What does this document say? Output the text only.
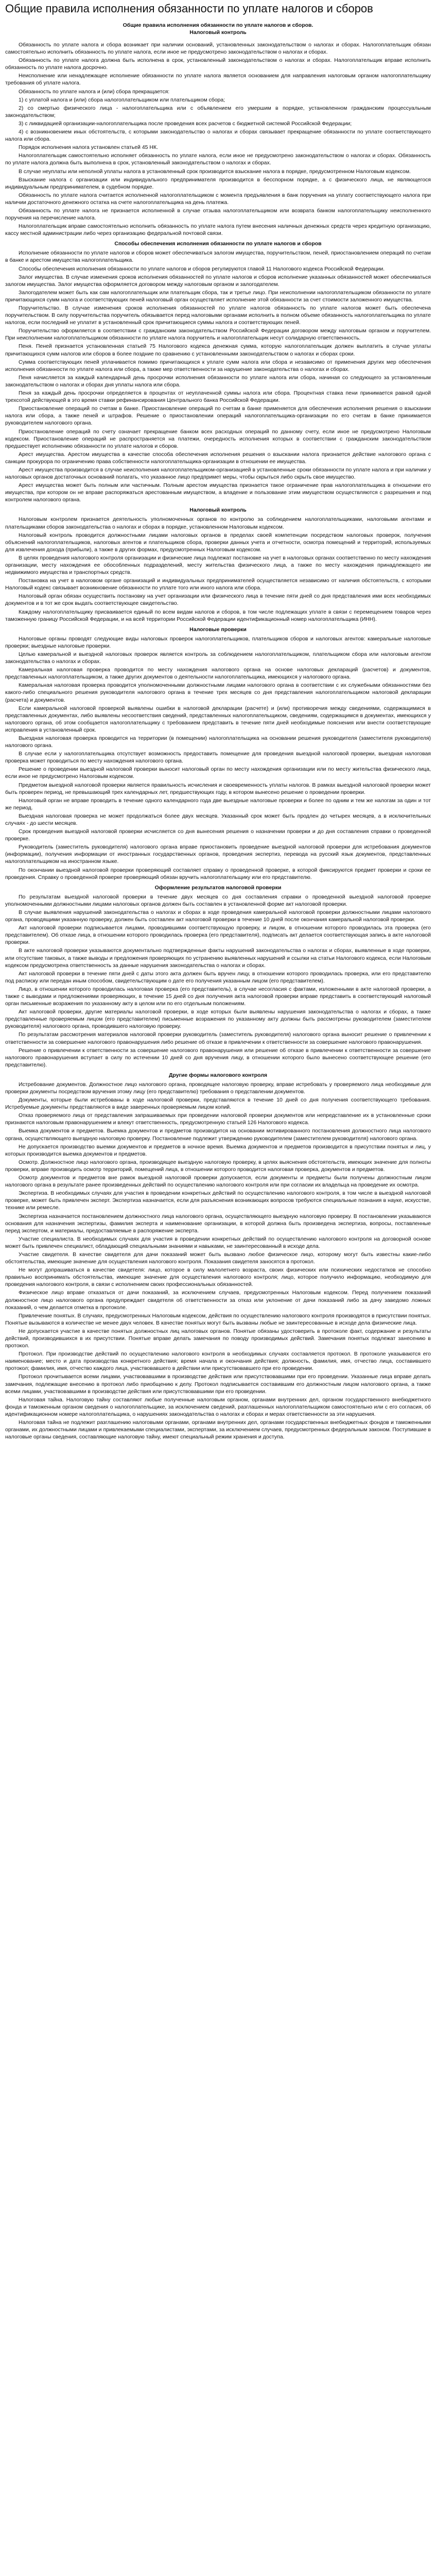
Общие правила исполнения обязанности по уплате налогов и сборов

Общие правила исполнения обязанности по уплате налогов и сборов.

Налоговый контроль

Обязанность по уплате налога и сбора возникает при наличии оснований, установленных законодательством о налогах и сборах. Налогоплательщик обязан самостоятельно исполнить обязанность по уплате налога, если иное не предусмотрено законодательством о налогах и сборах.

Обязанность по уплате налога должна быть исполнена в срок, установленный законодательством о налогах и сборах. Налогоплательщик вправе исполнить обязанность по уплате налога досрочно.

Неисполнение или ненадлежащее исполнение обязанности по уплате налога является основанием для направления налоговым органом налогоплательщику требования об уплате налога.

Обязанность по уплате налога и (или) сбора прекращается:

1) с уплатой налога и (или) сбора налогоплательщиком или плательщиком сбора;

2) со смертью физического лица - налогоплательщика или с объявлением его умершим в порядке, установленном гражданским процессуальным законодательством;

3) с ликвидацией организации-налогоплательщика после проведения всех расчетов с бюджетной системой Российской Федерации;

4) с возникновением иных обстоятельств, с которыми законодательство о налогах и сборах связывает прекращение обязанности по уплате соответствующего налога или сбора.

Порядок исполнения налога установлен статьей 45 НК.

Налогоплательщик самостоятельно исполняет обязанность по уплате налога, если иное не предусмотрено законодательством о налогах и сборах. Обязанность по уплате налога должна быть выполнена в срок, установленный законодательством о налогах и сборах.

В случае неуплаты или неполной уплаты налога в установленный срок производится взыскание налога в порядке, предусмотренном Налоговым кодексом.

Взыскание налога с организации или индивидуального предпринимателя производится в бесспорном порядке, а с физического лица, не являющегося индивидуальным предпринимателем, в судебном порядке.

Обязанность по уплате налога считается исполненной налогоплательщиком с момента предъявления в банк поручения на уплату соответствующего налога при наличии достаточного денежного остатка на счете налогоплательщика на день платежа.

Обязанность по уплате налога не признается исполненной в случае отзыва налогоплательщиком или возврата банком налогоплательщику неисполненного поручения на перечисление налога.

Налогоплательщик вправе самостоятельно исполнить обязанность по уплате налога путем внесения наличных денежных средств через кредитную организацию, кассу местной администрации либо через организацию федеральной почтовой связи.

Способы обеспечения исполнения обязанности по уплате налогов и сборов

Исполнение обязанности по уплате налогов и сборов может обеспечиваться залогом имущества, поручительством, пеней, приостановлением операций по счетам в банке и арестом имущества налогоплательщика.

Способы обеспечения исполнения обязанности по уплате налогов и сборов регулируются главой 11 Налогового кодекса Российской Федерации.

Залог имущества. В случае изменения сроков исполнения обязанностей по уплате налогов и сборов исполнение указанных обязанностей может обеспечиваться залогом имущества. Залог имущества оформляется договором между налоговым органом и залогодателем.

Залогодателем может быть как сам налогоплательщик или плательщик сбора, так и третье лицо. При неисполнении налогоплательщиком обязанности по уплате причитающихся сумм налога и соответствующих пеней налоговый орган осуществляет исполнение этой обязанности за счет стоимости заложенного имущества.

Поручительство. В случае изменения сроков исполнения обязанностей по уплате налогов обязанность по уплате налогов может быть обеспечена поручительством. В силу поручительства поручитель обязывается перед налоговыми органами исполнить в полном объеме обязанность налогоплательщика по уплате налогов, если последний не уплатит в установленный срок причитающиеся суммы налога и соответствующих пеней.

Поручительство оформляется в соответствии с гражданским законодательством Российской Федерации договором между налоговым органом и поручителем. При неисполнении налогоплательщиком обязанности по уплате налога поручитель и налогоплательщик несут солидарную ответственность.

Пеня. Пеней признается установленная статьей 75 Налогового кодекса денежная сумма, которую налогоплательщик должен выплатить в случае уплаты причитающихся сумм налогов или сборов в более поздние по сравнению с установленными законодательством о налогах и сборах сроки.

Сумма соответствующих пеней уплачивается помимо причитающихся к уплате сумм налога или сбора и независимо от применения других мер обеспечения исполнения обязанности по уплате налога или сбора, а также мер ответственности за нарушение законодательства о налогах и сборах.

Пеня начисляется за каждый календарный день просрочки исполнения обязанности по уплате налога или сбора, начиная со следующего за установленным законодательством о налогах и сборах дня уплаты налога или сбора.

Пеня за каждый день просрочки определяется в процентах от неуплаченной суммы налога или сбора. Процентная ставка пени принимается равной одной трехсотой действующей в это время ставки рефинансирования Центрального банка Российской Федерации.

Приостановление операций по счетам в банке. Приостановление операций по счетам в банке применяется для обеспечения исполнения решения о взыскании налога или сбора, а также пеней и штрафов. Решение о приостановлении операций налогоплательщика-организации по его счетам в банке принимается руководителем налогового органа.

Приостановление операций по счету означает прекращение банком всех расходных операций по данному счету, если иное не предусмотрено Налоговым кодексом. Приостановление операций не распространяется на платежи, очередность исполнения которых в соответствии с гражданским законодательством предшествует исполнению обязанности по уплате налогов и сборов.

Арест имущества. Арестом имущества в качестве способа обеспечения исполнения решения о взыскании налога признается действие налогового органа с санкции прокурора по ограничению права собственности налогоплательщика-организации в отношении ее имущества.

Арест имущества производится в случае неисполнения налогоплательщиком-организацией в установленные сроки обязанности по уплате налога и при наличии у налоговых органов достаточных оснований полагать, что указанное лицо предпримет меры, чтобы скрыться либо скрыть свое имущество.

Арест имущества может быть полным или частичным. Полным арестом имущества признается такое ограничение прав налогоплательщика в отношении его имущества, при котором он не вправе распоряжаться арестованным имуществом, а владение и пользование этим имуществом осуществляются с разрешения и под контролем налогового органа.

Налоговый контроль

Налоговым контролем признается деятельность уполномоченных органов по контролю за соблюдением налогоплательщиками, налоговыми агентами и плательщиками сборов законодательства о налогах и сборах в порядке, установленном Налоговым кодексом.

Налоговый контроль проводится должностными лицами налоговых органов в пределах своей компетенции посредством налоговых проверок, получения объяснений налогоплательщиков, налоговых агентов и плательщиков сбора, проверки данных учета и отчетности, осмотра помещений и территорий, используемых для извлечения дохода (прибыли), а также в других формах, предусмотренных Налоговым кодексом.

В целях проведения налогового контроля организации и физические лица подлежат постановке на учет в налоговых органах соответственно по месту нахождения организации, месту нахождения ее обособленных подразделений, месту жительства физического лица, а также по месту нахождения принадлежащего им недвижимого имущества и транспортных средств.

Постановка на учет в налоговом органе организаций и индивидуальных предпринимателей осуществляется независимо от наличия обстоятельств, с которыми Налоговый кодекс связывает возникновение обязанности по уплате того или иного налога или сбора.

Налоговый орган обязан осуществить постановку на учет организации или физического лица в течение пяти дней со дня представления ими всех необходимых документов и в тот же срок выдать соответствующее свидетельство.

Каждому налогоплательщику присваивается единый по всем видам налогов и сборов, в том числе подлежащих уплате в связи с перемещением товаров через таможенную границу Российской Федерации, и на всей территории Российской Федерации идентификационный номер налогоплательщика (ИНН).

Налоговые проверки

Налоговые органы проводят следующие виды налоговых проверок налогоплательщиков, плательщиков сборов и налоговых агентов: камеральные налоговые проверки; выездные налоговые проверки.

Целью камеральной и выездной налоговых проверок является контроль за соблюдением налогоплательщиком, плательщиком сбора или налоговым агентом законодательства о налогах и сборах.

Камеральная налоговая проверка проводится по месту нахождения налогового органа на основе налоговых деклараций (расчетов) и документов, представленных налогоплательщиком, а также других документов о деятельности налогоплательщика, имеющихся у налогового органа.

Камеральная налоговая проверка проводится уполномоченными должностными лицами налогового органа в соответствии с их служебными обязанностями без какого-либо специального решения руководителя налогового органа в течение трех месяцев со дня представления налогоплательщиком налоговой декларации (расчета) и документов.

Если камеральной налоговой проверкой выявлены ошибки в налоговой декларации (расчете) и (или) противоречия между сведениями, содержащимися в представленных документах, либо выявлены несоответствия сведений, представленных налогоплательщиком, сведениям, содержащимся в документах, имеющихся у налогового органа, об этом сообщается налогоплательщику с требованием представить в течение пяти дней необходимые пояснения или внести соответствующие исправления в установленный срок.

Выездная налоговая проверка проводится на территории (в помещении) налогоплательщика на основании решения руководителя (заместителя руководителя) налогового органа.

В случае если у налогоплательщика отсутствует возможность предоставить помещение для проведения выездной налоговой проверки, выездная налоговая проверка может проводиться по месту нахождения налогового органа.

Решение о проведении выездной налоговой проверки выносит налоговый орган по месту нахождения организации или по месту жительства физического лица, если иное не предусмотрено Налоговым кодексом.

Предметом выездной налоговой проверки является правильность исчисления и своевременность уплаты налогов. В рамках выездной налоговой проверки может быть проверен период, не превышающий трех календарных лет, предшествующих году, в котором вынесено решение о проведении проверки.

Налоговый орган не вправе проводить в течение одного календарного года две выездные налоговые проверки и более по одним и тем же налогам за один и тот же период.

Выездная налоговая проверка не может продолжаться более двух месяцев. Указанный срок может быть продлен до четырех месяцев, а в исключительных случаях - до шести месяцев.

Срок проведения выездной налоговой проверки исчисляется со дня вынесения решения о назначении проверки и до дня составления справки о проведенной проверке.

Руководитель (заместитель руководителя) налогового органа вправе приостановить проведение выездной налоговой проверки для истребования документов (информации), получения информации от иностранных государственных органов, проведения экспертиз, перевода на русский язык документов, представленных налогоплательщиком на иностранном языке.

По окончании выездной налоговой проверки проверяющий составляет справку о проведенной проверке, в которой фиксируются предмет проверки и сроки ее проведения. Справку о проведенной проверке проверяющий обязан вручить налогоплательщику или его представителю.

Оформление результатов налоговой проверки

По результатам выездной налоговой проверки в течение двух месяцев со дня составления справки о проведенной выездной налоговой проверке уполномоченными должностными лицами налоговых органов должен быть составлен в установленной форме акт налоговой проверки.

В случае выявления нарушений законодательства о налогах и сборах в ходе проведения камеральной налоговой проверки должностными лицами налогового органа, проводящими указанную проверку, должен быть составлен акт налоговой проверки в течение 10 дней после окончания камеральной налоговой проверки.

Акт налоговой проверки подписывается лицами, проводившими соответствующую проверку, и лицом, в отношении которого проводилась эта проверка (его представителем). Об отказе лица, в отношении которого проводилась проверка (его представителя), подписать акт делается соответствующая запись в акте налоговой проверки.

В акте налоговой проверки указываются документально подтвержденные факты нарушений законодательства о налогах и сборах, выявленные в ходе проверки, или отсутствие таковых, а также выводы и предложения проверяющих по устранению выявленных нарушений и ссылки на статьи Налогового кодекса, если Налоговым кодексом предусмотрена ответственность за данные нарушения законодательства о налогах и сборах.

Акт налоговой проверки в течение пяти дней с даты этого акта должен быть вручен лицу, в отношении которого проводилась проверка, или его представителю под расписку или передан иным способом, свидетельствующим о дате его получения указанным лицом (его представителем).

Лицо, в отношении которого проводилась налоговая проверка (его представитель), в случае несогласия с фактами, изложенными в акте налоговой проверки, а также с выводами и предложениями проверяющих, в течение 15 дней со дня получения акта налоговой проверки вправе представить в соответствующий налоговый орган письменные возражения по указанному акту в целом или по его отдельным положениям.

Акт налоговой проверки, другие материалы налоговой проверки, в ходе которых были выявлены нарушения законодательства о налогах и сборах, а также представленные проверяемым лицом (его представителем) письменные возражения по указанному акту должны быть рассмотрены руководителем (заместителем руководителя) налогового органа, проводившего налоговую проверку.

По результатам рассмотрения материалов налоговой проверки руководитель (заместитель руководителя) налогового органа выносит решение о привлечении к ответственности за совершение налогового правонарушения либо решение об отказе в привлечении к ответственности за совершение налогового правонарушения.

Решение о привлечении к ответственности за совершение налогового правонарушения или решение об отказе в привлечении к ответственности за совершение налогового правонарушения вступает в силу по истечении 10 дней со дня вручения лицу, в отношении которого было вынесено соответствующее решение (его представителю).

Другие формы налогового контроля

Истребование документов. Должностное лицо налогового органа, проводящее налоговую проверку, вправе истребовать у проверяемого лица необходимые для проверки документы посредством вручения этому лицу (его представителю) требования о представлении документов.

Документы, которые были истребованы в ходе налоговой проверки, представляются в течение 10 дней со дня получения соответствующего требования. Истребуемые документы представляются в виде заверенных проверяемым лицом копий.

Отказ проверяемого лица от представления запрашиваемых при проведении налоговой проверки документов или непредставление их в установленные сроки признаются налоговым правонарушением и влекут ответственность, предусмотренную статьей 126 Налогового кодекса.

Выемка документов и предметов. Выемка документов и предметов производится на основании мотивированного постановления должностного лица налогового органа, осуществляющего выездную налоговую проверку. Постановление подлежит утверждению руководителем (заместителем руководителя) налогового органа.

Не допускается производство выемки документов и предметов в ночное время. Выемка документов и предметов производится в присутствии понятых и лиц, у которых производится выемка документов и предметов.

Осмотр. Должностное лицо налогового органа, производящее выездную налоговую проверку, в целях выяснения обстоятельств, имеющих значение для полноты проверки, вправе производить осмотр территорий, помещений лица, в отношении которого проводится налоговая проверка, документов и предметов.

Осмотр документов и предметов вне рамок выездной налоговой проверки допускается, если документы и предметы были получены должностным лицом налогового органа в результате ранее произведенных действий по осуществлению налогового контроля или при согласии их владельца на проведение их осмотра.

Экспертиза. В необходимых случаях для участия в проведении конкретных действий по осуществлению налогового контроля, в том числе в выездной налоговой проверке, может быть привлечен эксперт. Экспертиза назначается, если для разъяснения возникающих вопросов требуются специальные познания в науке, искусстве, технике или ремесле.

Экспертиза назначается постановлением должностного лица налогового органа, осуществляющего выездную налоговую проверку. В постановлении указываются основания для назначения экспертизы, фамилия эксперта и наименование организации, в которой должна быть произведена экспертиза, вопросы, поставленные перед экспертом, и материалы, предоставляемые в распоряжение эксперта.

Участие специалиста. В необходимых случаях для участия в проведении конкретных действий по осуществлению налогового контроля на договорной основе может быть привлечен специалист, обладающий специальными знаниями и навыками, не заинтересованный в исходе дела.

Участие свидетеля. В качестве свидетеля для дачи показаний может быть вызвано любое физическое лицо, которому могут быть известны какие-либо обстоятельства, имеющие значение для осуществления налогового контроля. Показания свидетеля заносятся в протокол.

Не могут допрашиваться в качестве свидетеля: лицо, которое в силу малолетнего возраста, своих физических или психических недостатков не способно правильно воспринимать обстоятельства, имеющие значение для осуществления налогового контроля; лицо, которое получило информацию, необходимую для проведения налогового контроля, в связи с исполнением своих профессиональных обязанностей.

Физическое лицо вправе отказаться от дачи показаний, за исключением случаев, предусмотренных Налоговым кодексом. Перед получением показаний должностное лицо налогового органа предупреждает свидетеля об ответственности за отказ или уклонение от дачи показаний либо за дачу заведомо ложных показаний, о чем делается отметка в протоколе.

Привлечение понятых. В случаях, предусмотренных Налоговым кодексом, действия по осуществлению налогового контроля производятся в присутствии понятых. Понятые вызываются в количестве не менее двух человек. В качестве понятых могут быть вызваны любые не заинтересованные в исходе дела физические лица.

Не допускается участие в качестве понятых должностных лиц налоговых органов. Понятые обязаны удостоверить в протоколе факт, содержание и результаты действий, производившихся в их присутствии. Понятые вправе делать замечания по поводу производимых действий. Замечания понятых подлежат занесению в протокол.

Протокол. При производстве действий по осуществлению налогового контроля в необходимых случаях составляется протокол. В протоколе указываются его наименование; место и дата производства конкретного действия; время начала и окончания действия; должность, фамилия, имя, отчество лица, составившего протокол; фамилия, имя, отчество каждого лица, участвовавшего в действии или присутствовавшего при его проведении.

Протокол прочитывается всеми лицами, участвовавшими в производстве действия или присутствовавшими при его проведении. Указанные лица вправе делать замечания, подлежащие внесению в протокол либо приобщению к делу. Протокол подписывается составившим его должностным лицом налогового органа, а также всеми лицами, участвовавшими в производстве действия или присутствовавшими при его проведении.

Налоговая тайна. Налоговую тайну составляют любые полученные налоговым органом, органами внутренних дел, органом государственного внебюджетного фонда и таможенным органом сведения о налогоплательщике, за исключением сведений, разглашенных налогоплательщиком самостоятельно или с его согласия, об идентификационном номере налогоплательщика, о нарушениях законодательства о налогах и сборах и мерах ответственности за эти нарушения.

Налоговая тайна не подлежит разглашению налоговыми органами, органами внутренних дел, органами государственных внебюджетных фондов и таможенными органами, их должностными лицами и привлекаемыми специалистами, экспертами, за исключением случаев, предусмотренных федеральным законом. Поступившие в налоговые органы сведения, составляющие налоговую тайну, имеют специальный режим хранения и доступа.
